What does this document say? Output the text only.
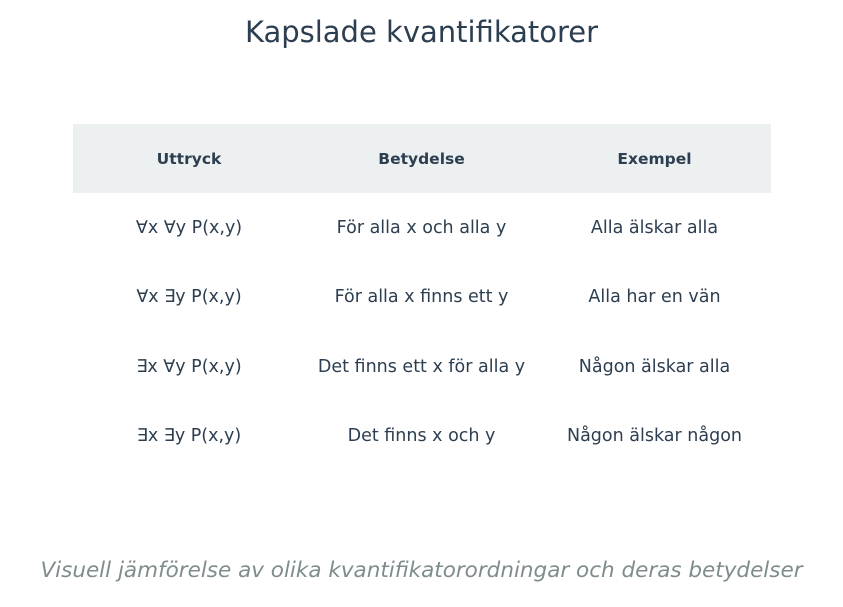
Kapslade kvantifikatorer
Uttryck	Betydelse	Exempel
∀x ∀y P(x,y)	För alla x och alla y	Alla älskar alla
∀x ∃y P(x,y)	För alla x finns ett y	Alla har en vän
∃x ∀y P(x,y)	Det finns ett x för alla y	Någon älskar alla
∃x ∃y P(x,y)	Det finns x och y	Någon älskar någon
Visuell jämförelse av olika kvantifikatorordningar och deras betydelser
